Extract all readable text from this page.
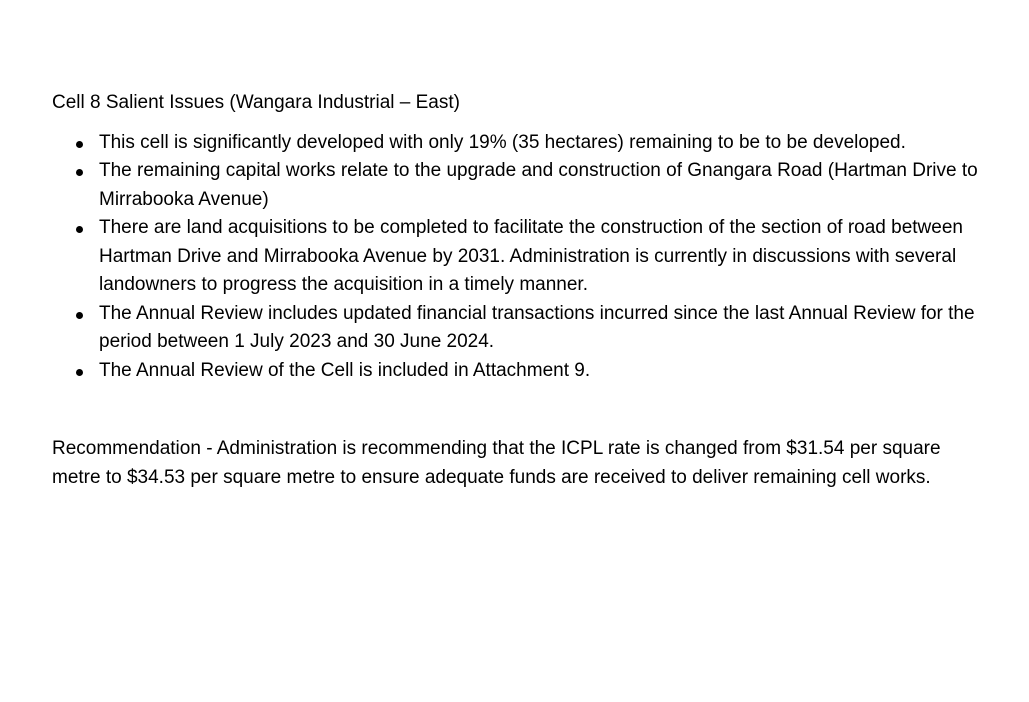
Cell 8 Salient Issues (Wangara Industrial – East)

This cell is significantly developed with only 19% (35 hectares) remaining to be to be developed.
The remaining capital works relate to the upgrade and construction of Gnangara Road (Hartman Drive to Mirrabooka Avenue)
There are land acquisitions to be completed to facilitate the construction of the section of road between Hartman Drive and Mirrabooka Avenue by 2031. Administration is currently in discussions with several landowners to progress the acquisition in a timely manner.
The Annual Review includes updated financial transactions incurred since the last Annual Review for the period between 1 July 2023 and 30 June 2024.
The Annual Review of the Cell is included in Attachment 9.

Recommendation - Administration is recommending that the ICPL rate is changed from $31.54 per square metre to $34.53 per square metre to ensure adequate funds are received to deliver remaining cell works.
